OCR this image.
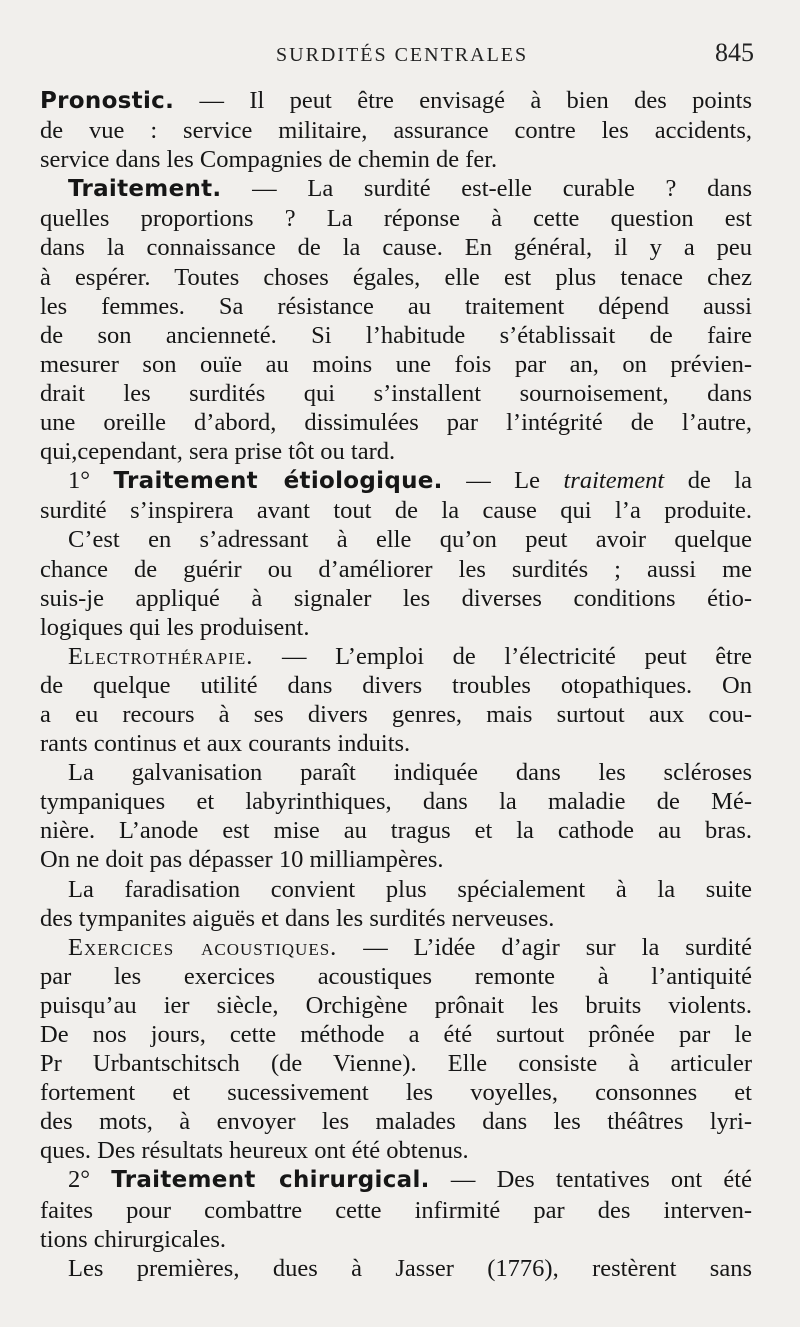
SURDITÉS CENTRALES	845
Pronostic. — Il peut être envisagé à bien des points
de vue : service militaire, assurance contre les accidents,
service dans les Compagnies de chemin de fer.
Traitement. — La surdité est-elle curable ? dans
quelles proportions ? La réponse à cette question est
dans la connaissance de la cause. En général, il y a peu
à espérer. Toutes choses égales, elle est plus tenace chez
les femmes. Sa résistance au traitement dépend aussi
de son ancienneté. Si l’habitude s’établissait de faire
mesurer son ouïe au moins une fois par an, on prévien-
drait les surdités qui s’installent sournoisement, dans
une oreille d’abord, dissimulées par l’intégrité de l’autre,
qui,cependant, sera prise tôt ou tard.
1° Traitement étiologique. — Le traitement de la
surdité s’inspirera avant tout de la cause qui l’a produite.
C’est en s’adressant à elle qu’on peut avoir quelque
chance de guérir ou d’améliorer les surdités ; aussi me
suis-je appliqué à signaler les diverses conditions étio-
logiques qui les produisent.
Electrothérapie. — L’emploi de l’électricité peut être
de quelque utilité dans divers troubles otopathiques. On
a eu recours à ses divers genres, mais surtout aux cou-
rants continus et aux courants induits.
La galvanisation paraît indiquée dans les scléroses
tympaniques et labyrinthiques, dans la maladie de Mé-
nière. L’anode est mise au tragus et la cathode au bras.
On ne doit pas dépasser 10 milliampères.
La faradisation convient plus spécialement à la suite
des tympanites aiguës et dans les surdités nerveuses.
Exercices acoustiques. — L’idée d’agir sur la surdité
par les exercices acoustiques remonte à l’antiquité
puisqu’au ier siècle, Orchigène prônait les bruits violents.
De nos jours, cette méthode a été surtout prônée par le
Pr Urbantschitsch (de Vienne). Elle consiste à articuler
fortement et sucessivement les voyelles, consonnes et
des mots, à envoyer les malades dans les théâtres lyri-
ques. Des résultats heureux ont été obtenus.
2° Traitement chirurgical. — Des tentatives ont été
faites pour combattre cette infirmité par des interven-
tions chirurgicales.
Les premières, dues à Jasser (1776), restèrent sans
